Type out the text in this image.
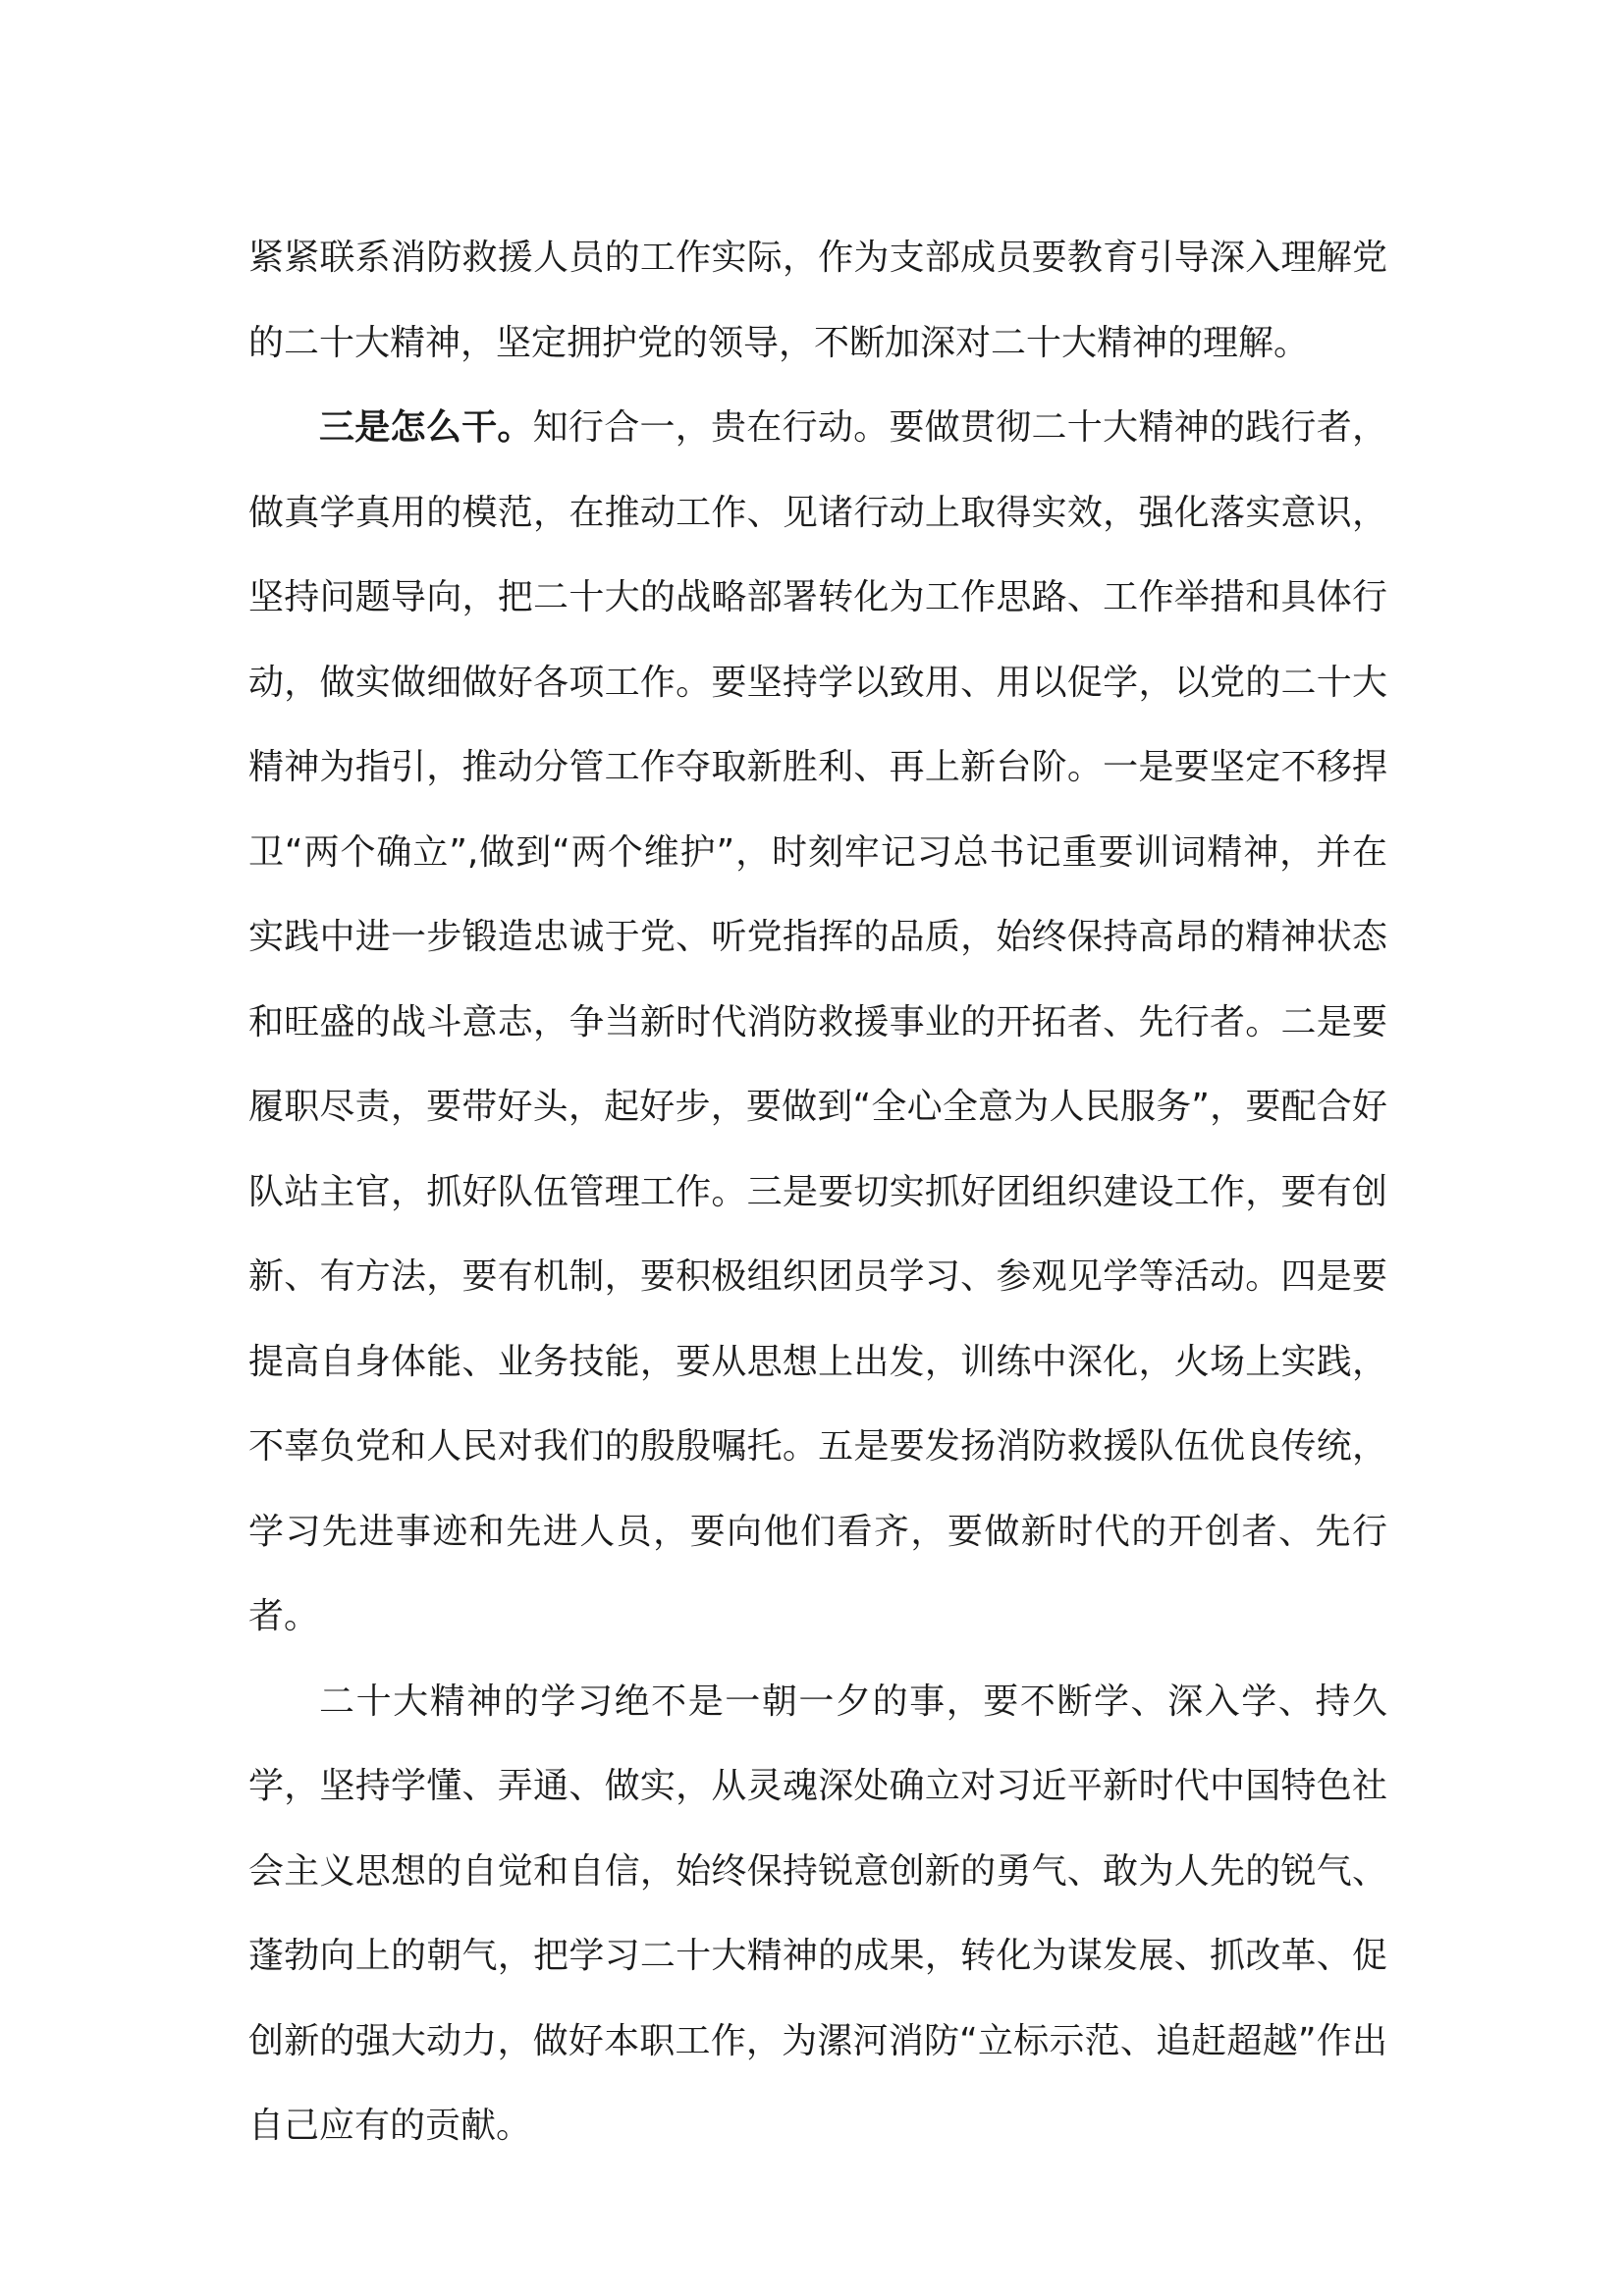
紧紧联系消防救援人员的工作实际，作为支部成员要教育引导深入理解党的二十大精神，坚定拥护党的领导，不断加深对二十大精神的理解。

三是怎么干。知行合一，贵在行动。要做贯彻二十大精神的践行者，做真学真用的模范，在推动工作、见诸行动上取得实效，强化落实意识，坚持问题导向，把二十大的战略部署转化为工作思路、工作举措和具体行动，做实做细做好各项工作。要坚持学以致用、用以促学，以党的二十大精神为指引，推动分管工作夺取新胜利、再上新台阶。一是要坚定不移捍卫“两个确立”,做到“两个维护”，时刻牢记习总书记重要训词精神，并在实践中进一步锻造忠诚于党、听党指挥的品质，始终保持高昂的精神状态和旺盛的战斗意志，争当新时代消防救援事业的开拓者、先行者。二是要履职尽责，要带好头，起好步，要做到“全心全意为人民服务”，要配合好队站主官，抓好队伍管理工作。三是要切实抓好团组织建设工作，要有创新、有方法，要有机制，要积极组织团员学习、参观见学等活动。四是要提高自身体能、业务技能，要从思想上出发，训练中深化，火场上实践，不辜负党和人民对我们的殷殷嘱托。五是要发扬消防救援队伍优良传统，学习先进事迹和先进人员，要向他们看齐，要做新时代的开创者、先行者。

二十大精神的学习绝不是一朝一夕的事，要不断学、深入学、持久学，坚持学懂、弄通、做实，从灵魂深处确立对习近平新时代中国特色社会主义思想的自觉和自信，始终保持锐意创新的勇气、敢为人先的锐气、蓬勃向上的朝气，把学习二十大精神的成果，转化为谋发展、抓改革、促创新的强大动力，做好本职工作，为漯河消防“立标示范、追赶超越”作出自己应有的贡献。
